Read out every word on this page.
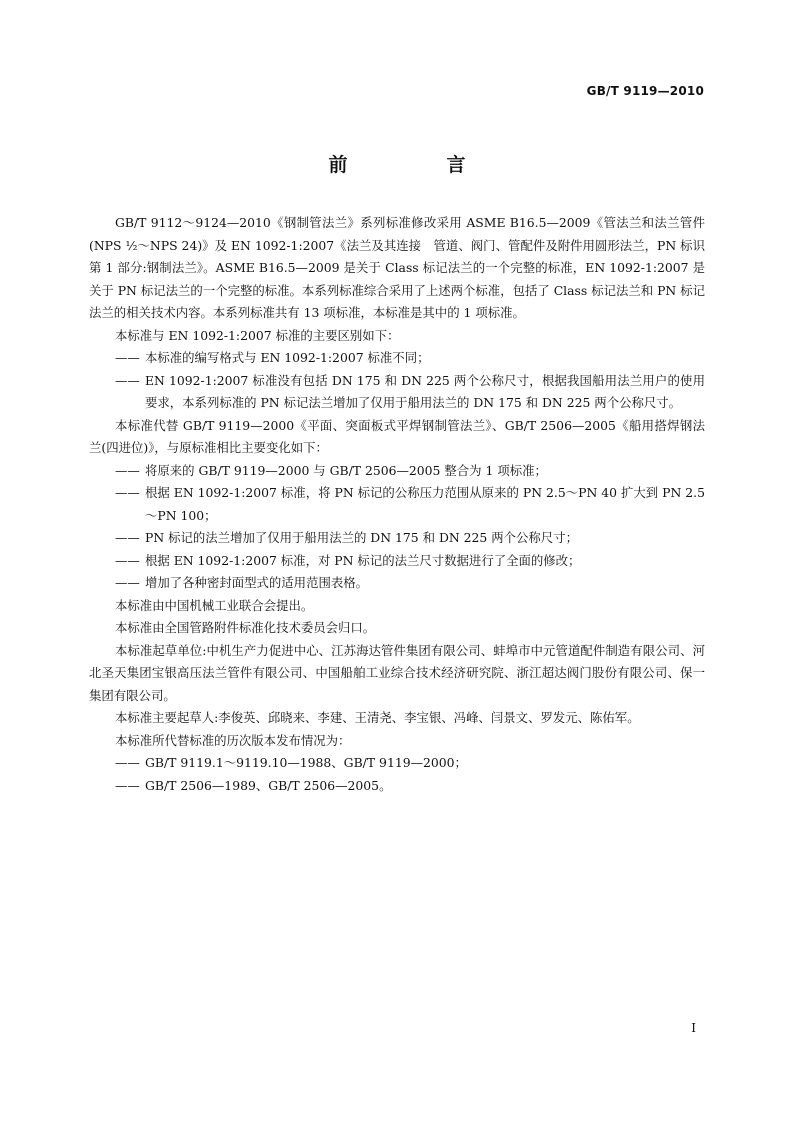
GB/T 9119—2010
前　言

GB/T 9112～9124—2010《钢制管法兰》系列标准修改采用 ASME B16.5—2009《管法兰和法兰管件(NPS ½～NPS 24)》及 EN 1092-1:2007《法兰及其连接　管道、阀门、管配件及附件用圆形法兰，PN 标识第 1 部分:钢制法兰》。ASME B16.5—2009 是关于 Class 标记法兰的一个完整的标准，EN 1092-1:2007 是关于 PN 标记法兰的一个完整的标准。本系列标准综合采用了上述两个标准，包括了 Class 标记法兰和 PN 标记法兰的相关技术内容。本系列标准共有 13 项标准，本标准是其中的 1 项标准。

本标准与 EN 1092-1:2007 标准的主要区别如下：

—— 本标准的编写格式与 EN 1092-1:2007 标准不同；

—— EN 1092-1:2007 标准没有包括 DN 175 和 DN 225 两个公称尺寸，根据我国船用法兰用户的使用要求，本系列标准的 PN 标记法兰增加了仅用于船用法兰的 DN 175 和 DN 225 两个公称尺寸。

本标准代替 GB/T 9119—2000《平面、突面板式平焊钢制管法兰》、GB/T 2506—2005《船用搭焊钢法兰(四进位)》，与原标准相比主要变化如下：

—— 将原来的 GB/T 9119—2000 与 GB/T 2506—2005 整合为 1 项标准；

—— 根据 EN 1092-1:2007 标准，将 PN 标记的公称压力范围从原来的 PN 2.5～PN 40 扩大到 PN 2.5～PN 100；

—— PN 标记的法兰增加了仅用于船用法兰的 DN 175 和 DN 225 两个公称尺寸；

—— 根据 EN 1092-1:2007 标准，对 PN 标记的法兰尺寸数据进行了全面的修改；

—— 增加了各种密封面型式的适用范围表格。

本标准由中国机械工业联合会提出。

本标准由全国管路附件标准化技术委员会归口。

本标准起草单位:中机生产力促进中心、江苏海达管件集团有限公司、蚌埠市中元管道配件制造有限公司、河北圣天集团宝银高压法兰管件有限公司、中国船舶工业综合技术经济研究院、浙江超达阀门股份有限公司、保一集团有限公司。

本标准主要起草人:李俊英、邱晓来、李建、王清尧、李宝银、冯峰、闫景文、罗发元、陈佑军。

本标准所代替标准的历次版本发布情况为：

—— GB/T 9119.1～9119.10—1988、GB/T 9119—2000；

—— GB/T 2506—1989、GB/T 2506—2005。

I
